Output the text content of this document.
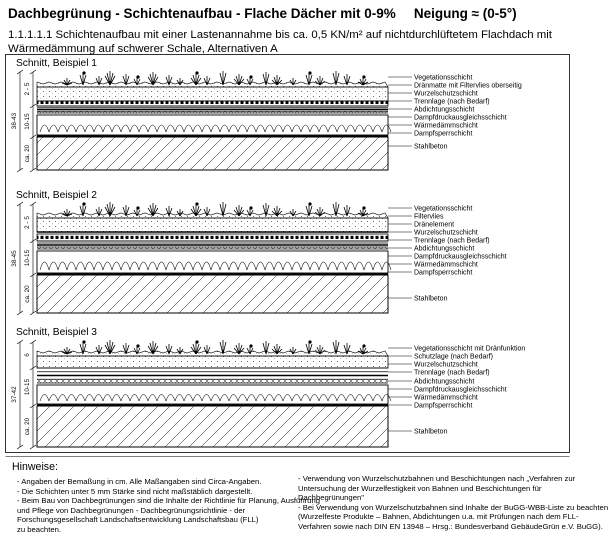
Dachbegrünung - Schichtenaufbau - Flache Dächer mit 0-9% Neigung ≈ (0-5°)
1.1.1.1.1 Schichtenaufbau mit einer Lastenannahme bis ca. 0,5 KN/m² auf nichtdurchlüftetem Flachdach mit
Wärmedämmung auf schwerer Schale, Alternativen A
Schnitt, Beispiel 1
Schnitt, Beispiel 2
Schnitt, Beispiel 3
2 - 5
10-15
ca. 20
38-43
Vegetationsschicht
Dränmatte mit Filtervlies oberseitig
Wurzelschutzschicht
Trennlage (nach Bedarf)
Abdichtungsschicht
Dampfdruckausgleichsschicht
Wärmedämmschicht
Dampfsperrschicht
Stahlbeton
2 - 5
10-15
ca. 20
38-45
Vegetationsschicht
Filtervlies
Dränelement
Wurzelschutzschicht
Trennlage (nach Bedarf)
Abdichtungsschicht
Dampfdruckausgleichsschicht
Wärmedämmschicht
Dampfsperrschicht
Stahlbeton
6
10-15
ca. 20
37-42
Vegetationsschicht mit Dränfunktion
Schutzlage (nach Bedarf)
Wurzelschutzschicht
Trennlage (nach Bedarf)
Abdichtungsschicht
Dampfdruckausgleichsschicht
Wärmedämmschicht
Dampfsperrschicht
Stahlbeton
Hinweise:
- Angaben der Bemaßung in cm. Alle Maßangaben sind Circa-Angaben.
- Die Schichten unter 5 mm Stärke sind nicht maßstäblich dargestellt.
- Beim Bau von Dachbegrünungen sind die Inhalte der Richtlinie für Planung, Ausführung
und Pflege von Dachbegrünungen - Dachbegrünungsrichtlinie - der
Forschungsgesellschaft Landschaftsentwicklung Landschaftsbau (FLL)
zu beachten.
- Verwendung von Wurzelschutzbahnen und Beschichtungen nach „Verfahren zur
Untersuchung der Wurzelfestigkeit von Bahnen und Beschichtungen für
Dachbegrünungen"
- Bei Verwendung von Wurzelschutzbahnen sind Inhalte der BuGG-WBB-Liste zu beachten
(Wurzelfeste Produkte – Bahnen, Abdichtungen u.a. mit Prüfungen nach dem FLL-
Verfahren sowie nach DIN EN 13948 – Hrsg.: Bundesverband GebäudeGrün e.V. BuGG).
